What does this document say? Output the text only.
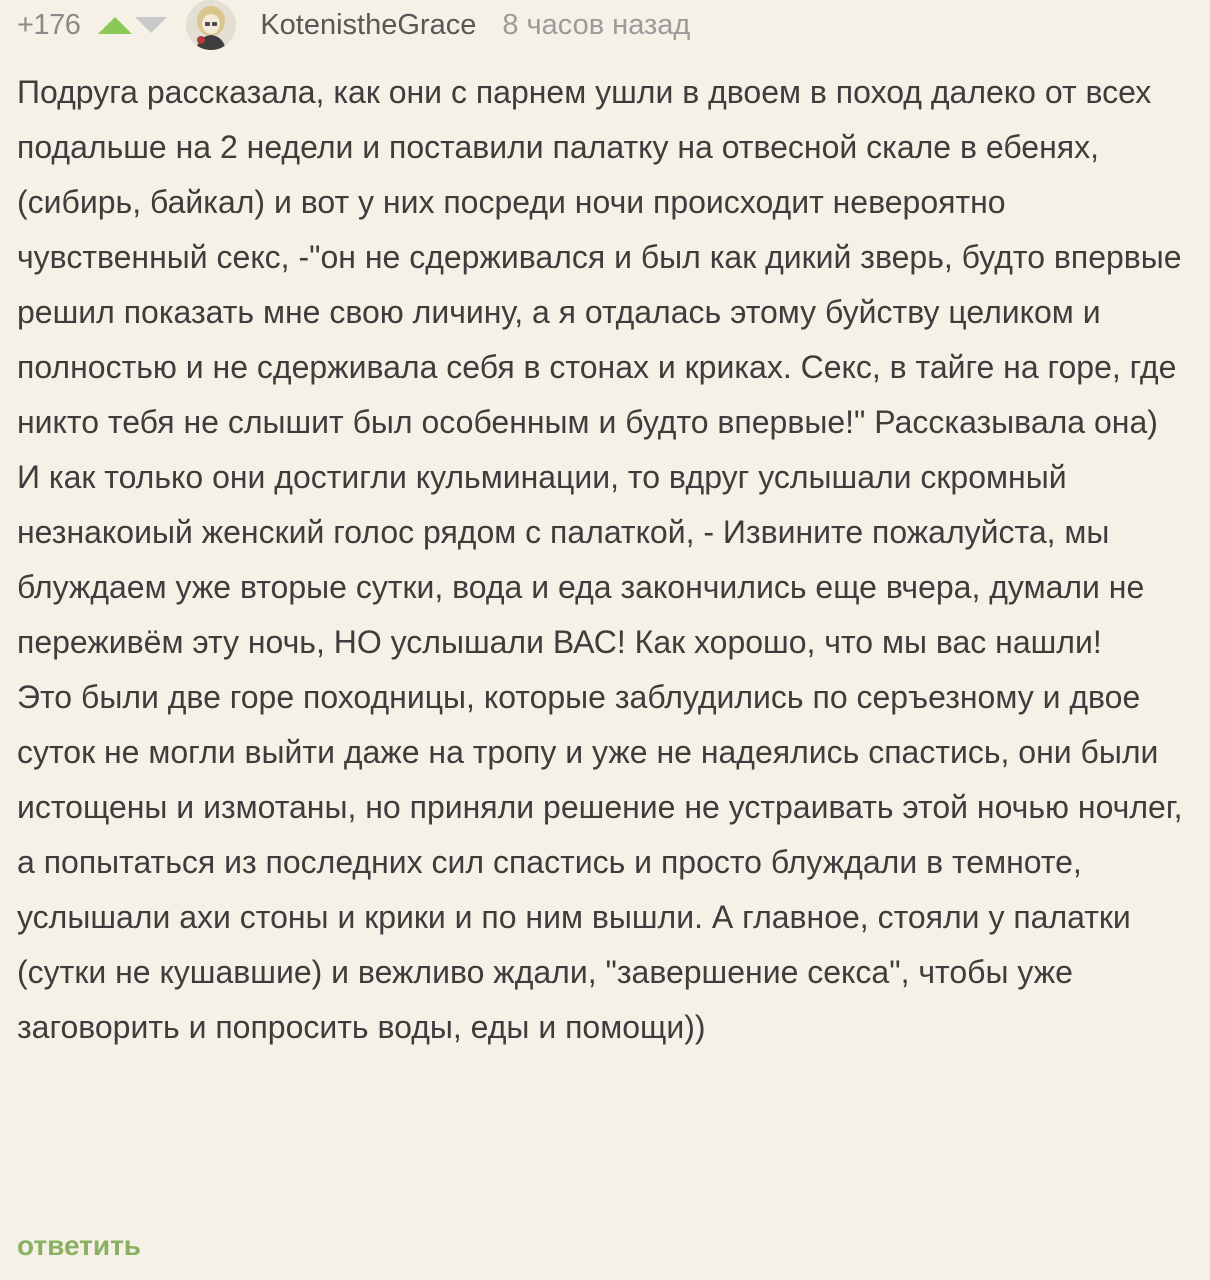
+176	KotenistheGrace 8 часов назад

Подруга рассказала, как они с парнем ушли в двоем в поход далеко от всех подальше на 2 недели и поставили палатку на отвесной скале в ебенях, (сибирь, байкал) и вот у них посреди ночи происходит невероятно чувственный секс, -"он не сдерживался и был как дикий зверь, будто впервые решил показать мне свою личину, а я отдалась этому буйству целиком и полностью и не сдерживала себя в стонах и криках. Секс, в тайге на горе, где никто тебя не слышит был особенным и будто впервые!" Рассказывала она)

И как только они достигли кульминации, то вдруг услышали скромный незнакоиый женский голос рядом с палаткой, - Извините пожалуйста, мы блуждаем уже вторые сутки, вода и еда закончились еще вчера, думали не переживём эту ночь, НО услышали ВАС! Как хорошо, что мы вас нашли!

Это были две горе походницы, которые заблудились по серъезному и двое суток не могли выйти даже на тропу и уже не надеялись спастись, они были истощены и измотаны, но приняли решение не устраивать этой ночью ночлег, а попытаться из последних сил спастись и просто блуждали в темноте, услышали ахи стоны и крики и по ним вышли. А главное, стояли у палатки (сутки не кушавшие) и вежливо ждали, "завершение секса", чтобы уже заговорить и попросить воды, еды и помощи))

ответить
